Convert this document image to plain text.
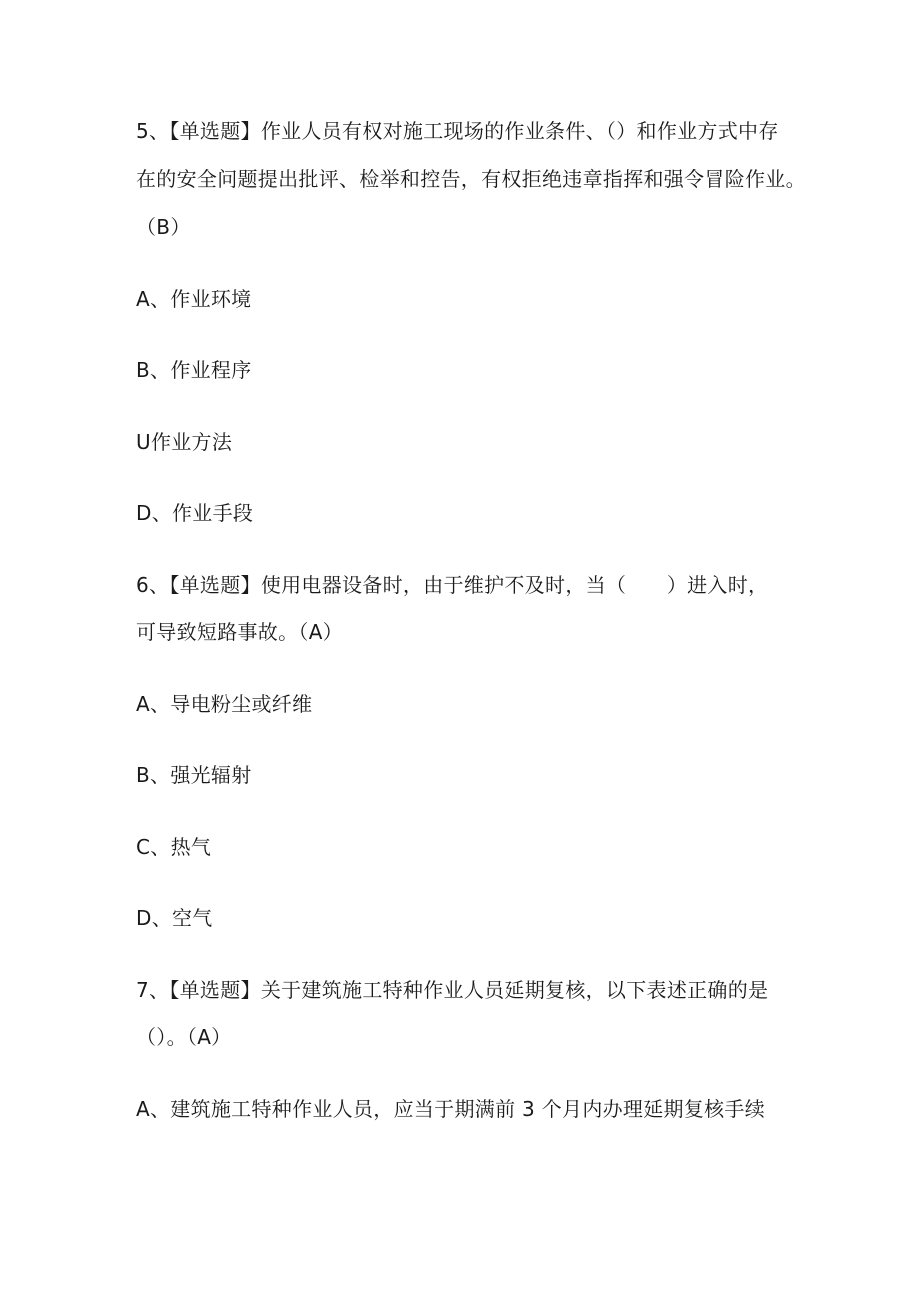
5、【单选题】作业人员有权对施工现场的作业条件、（）和作业方式中存
在的安全问题提出批评、检举和控告，有权拒绝违章指挥和强令冒险作业。
（B）
A、作业环境
B、作业程序
U作业方法
D、作业手段
6、【单选题】使用电器设备时，由于维护不及时，当（　　）进入时，
可导致短路事故。（A）
A、导电粉尘或纤维
B、强光辐射
C、热气
D、空气
7、【单选题】关于建筑施工特种作业人员延期复核，以下表述正确的是
（）。（A）
A、建筑施工特种作业人员，应当于期满前 3 个月内办理延期复核手续
